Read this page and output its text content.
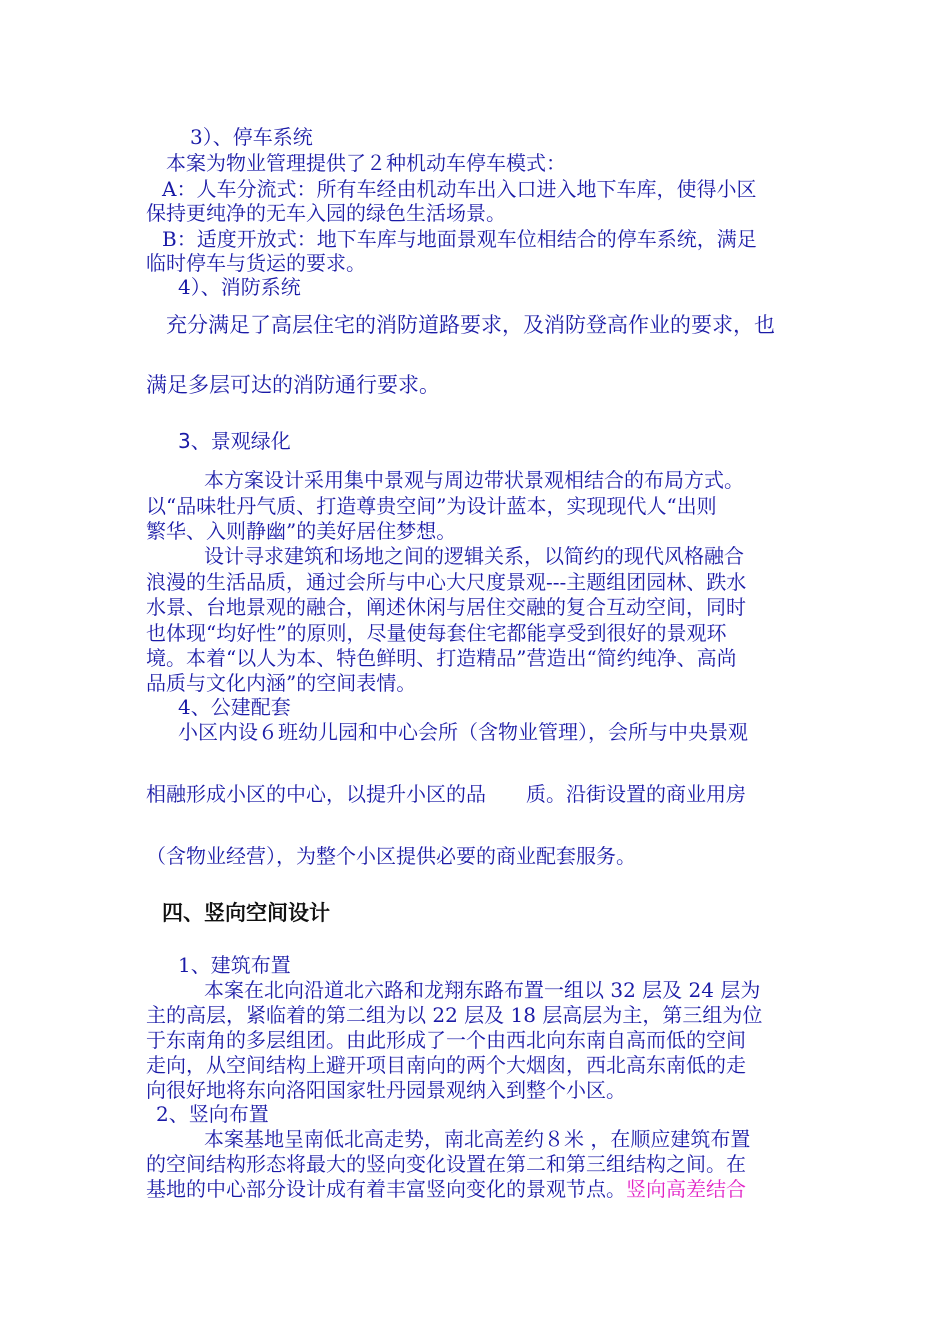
3）、停车系统
本案为物业管理提供了２种机动车停车模式：
A：人车分流式：所有车经由机动车出入口进入地下车库，使得小区
保持更纯净的无车入园的绿色生活场景。
B：适度开放式：地下车库与地面景观车位相结合的停车系统，满足
临时停车与货运的要求。
4）、消防系统
充分满足了高层住宅的消防道路要求，及消防登高作业的要求，也
满足多层可达的消防通行要求。
3、景观绿化
本方案设计采用集中景观与周边带状景观相结合的布局方式。
以“品味牡丹气质、打造尊贵空间”为设计蓝本，实现现代人“出则
繁华、入则静幽”的美好居住梦想。
设计寻求建筑和场地之间的逻辑关系，以简约的现代风格融合
浪漫的生活品质，通过会所与中心大尺度景观---主题组团园林、跌水
水景、台地景观的融合，阐述休闲与居住交融的复合互动空间，同时
也体现“均好性”的原则，尽量使每套住宅都能享受到很好的景观环
境。本着“以人为本、特色鲜明、打造精品”营造出“简约纯净、高尚
品质与文化内涵”的空间表情。
4、公建配套
小区内设６班幼儿园和中心会所（含物业管理），会所与中央景观
相融形成小区的中心，以提升小区的品　　质。沿街设置的商业用房
（含物业经营），为整个小区提供必要的商业配套服务。
四、竖向空间设计
1、建筑布置
本案在北向沿道北六路和龙翔东路布置一组以 32 层及 24 层为
主的高层，紧临着的第二组为以 22 层及 18 层高层为主，第三组为位
于东南角的多层组团。由此形成了一个由西北向东南自高而低的空间
走向，从空间结构上避开项目南向的两个大烟囱，西北高东南低的走
向很好地将东向洛阳国家牡丹园景观纳入到整个小区。
2、竖向布置
本案基地呈南低北高走势，南北高差约８米 ，在顺应建筑布置
的空间结构形态将最大的竖向变化设置在第二和第三组结构之间。在
基地的中心部分设计成有着丰富竖向变化的景观节点。竖向高差结合
